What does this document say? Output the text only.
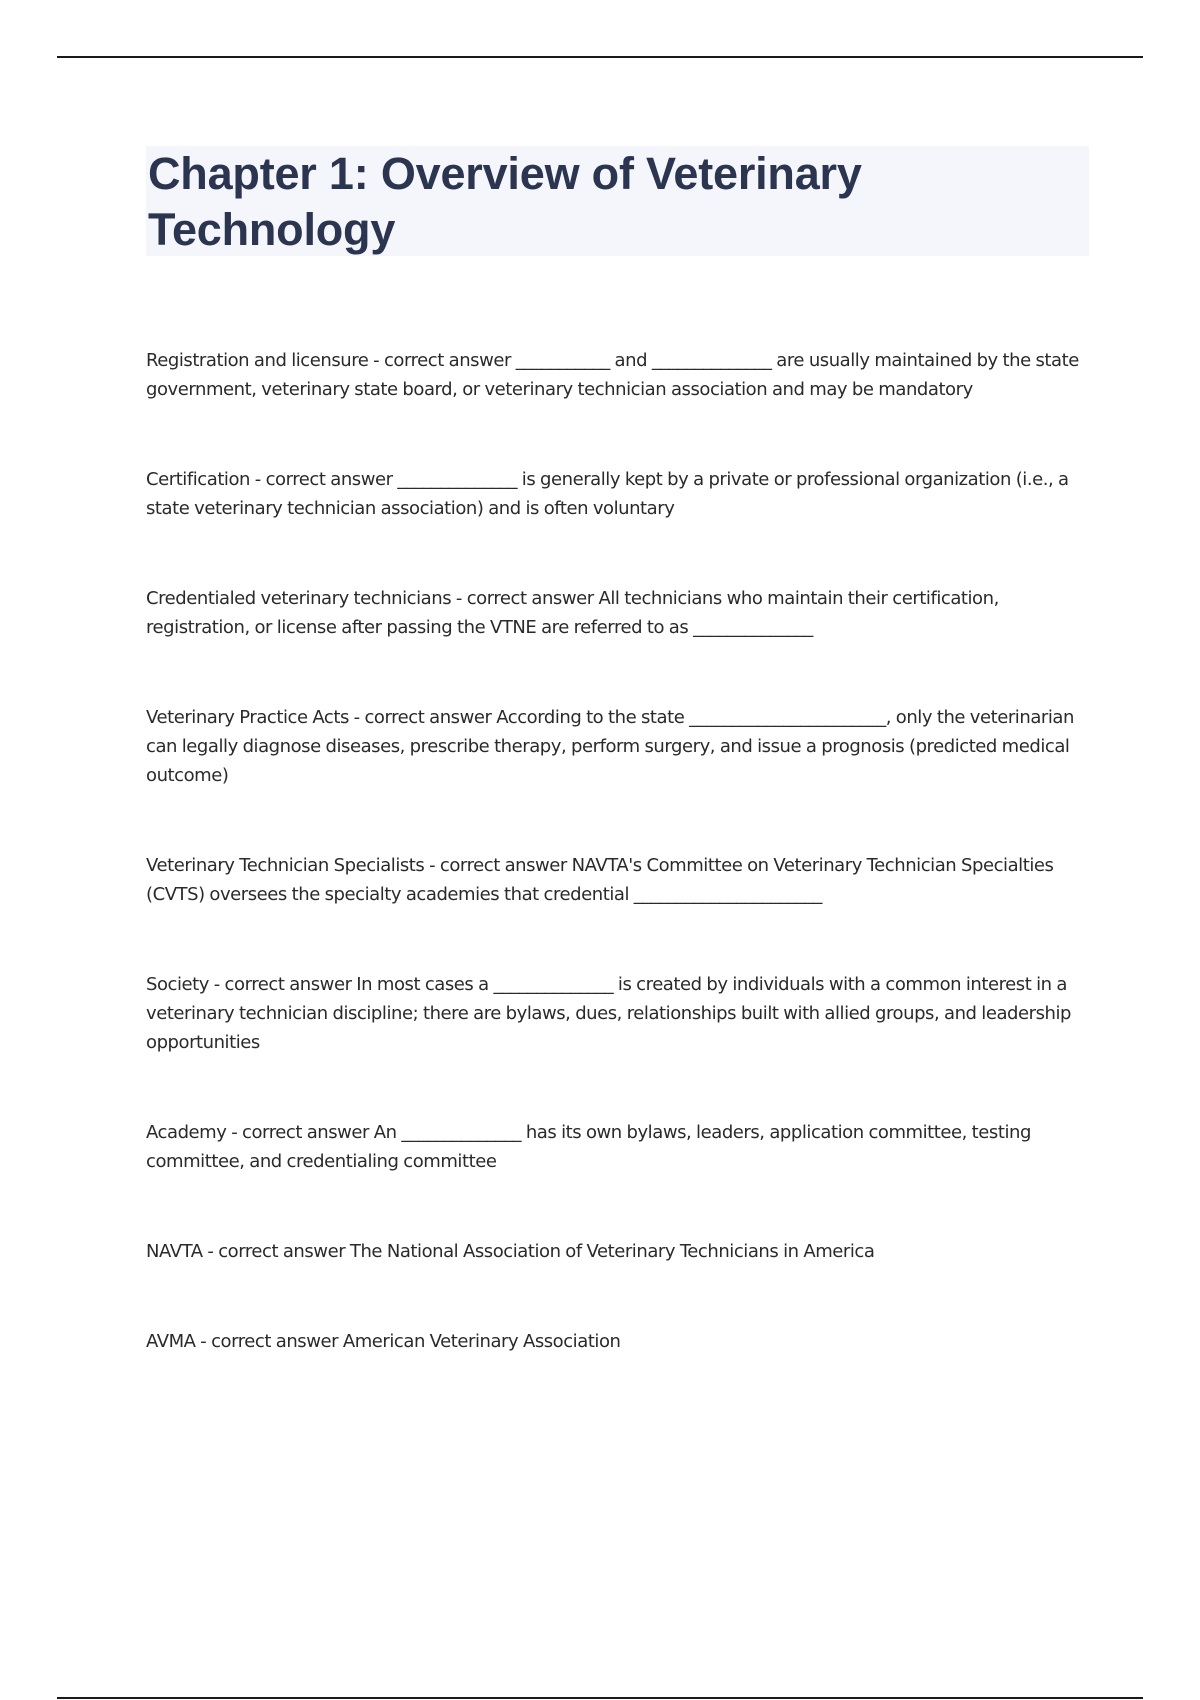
Chapter 1: Overview of Veterinary Technology

Registration and licensure - correct answer ___________ and ______________ are usually maintained by the state government, veterinary state board, or veterinary technician association and may be mandatory

Certification - correct answer ______________ is generally kept by a private or professional organization (i.e., a state veterinary technician association) and is often voluntary

Credentialed veterinary technicians - correct answer All technicians who maintain their certification, registration, or license after passing the VTNE are referred to as ______________

Veterinary Practice Acts - correct answer According to the state _______________________, only the veterinarian can legally diagnose diseases, prescribe therapy, perform surgery, and issue a prognosis (predicted medical outcome)

Veterinary Technician Specialists - correct answer NAVTA's Committee on Veterinary Technician Specialties (CVTS) oversees the specialty academies that credential ______________________

Society - correct answer In most cases a ______________ is created by individuals with a common interest in a veterinary technician discipline; there are bylaws, dues, relationships built with allied groups, and leadership opportunities

Academy - correct answer An ______________ has its own bylaws, leaders, application committee, testing committee, and credentialing committee

NAVTA - correct answer The National Association of Veterinary Technicians in America

AVMA - correct answer American Veterinary Association
